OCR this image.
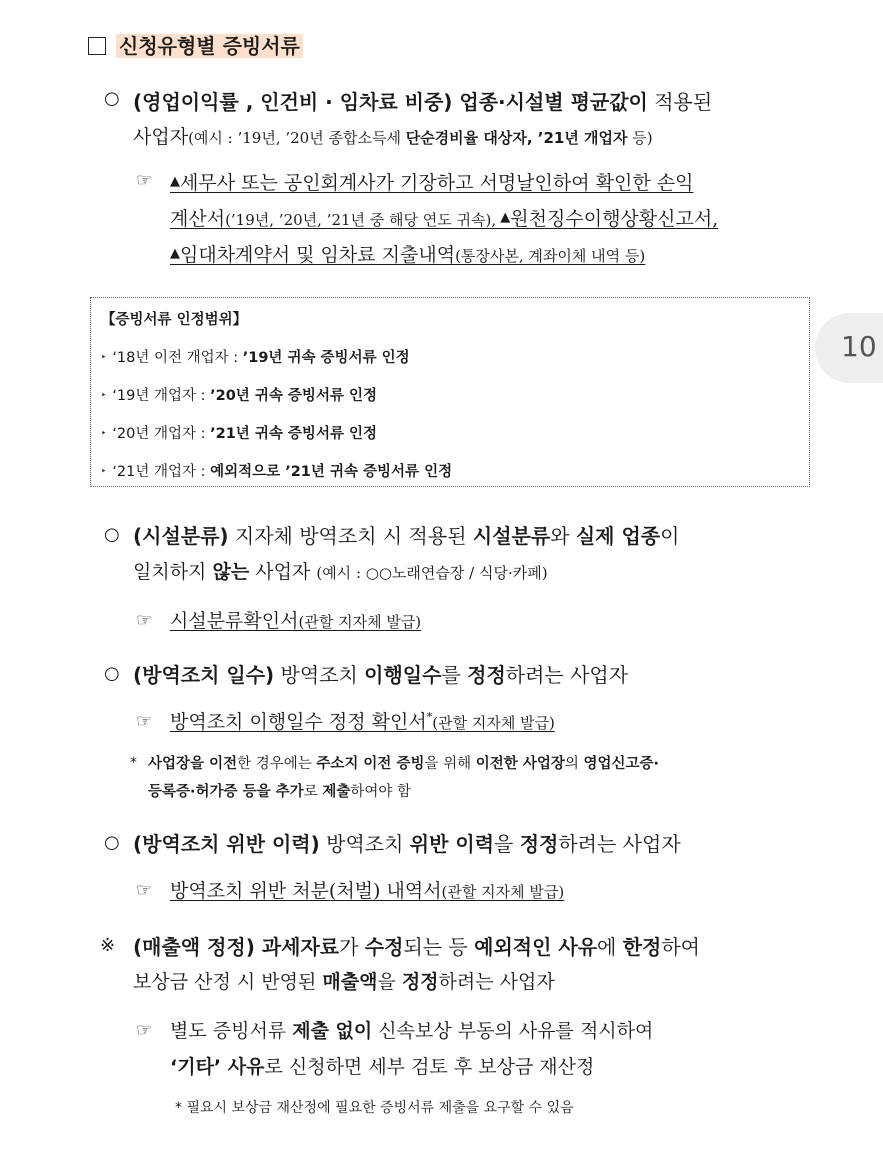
신청유형별 증빙서류
10
○ (영업이익률 , 인건비 · 임차료 비중) 업종·시설별 평균값이 적용된
사업자(예시 : ’19년, ’20년 종합소득세 단순경비율 대상자, ’21년 개업자 등)
☞ ▲세무사 또는 공인회계사가 기장하고 서명날인하여 확인한 손익
계산서(’19년, ’20년, ’21년 중 해당 연도 귀속), ▲원천징수이행상황신고서,
▲임대차계약서 및 임차료 지출내역(통장사본, 계좌이체 내역 등)
【증빙서류 인정범위】
‣ ‘18년 이전 개업자 : ’19년 귀속 증빙서류 인정
‣ ‘19년 개업자 : ’20년 귀속 증빙서류 인정
‣ ‘20년 개업자 : ’21년 귀속 증빙서류 인정
‣ ‘21년 개업자 : 예외적으로 ’21년 귀속 증빙서류 인정
○ (시설분류) 지자체 방역조치 시 적용된 시설분류와 실제 업종이
일치하지 않는 사업자 (예시 : ○○노래연습장 / 식당·카페)
☞ 시설분류확인서(관할 지자체 발급)
○ (방역조치 일수) 방역조치 이행일수를 정정하려는 사업자
☞ 방역조치 이행일수 정정 확인서*(관할 지자체 발급)
* 사업장을 이전한 경우에는 주소지 이전 증빙을 위해 이전한 사업장의 영업신고증·
등록증·허가증 등을 추가로 제출하여야 함
○ (방역조치 위반 이력) 방역조치 위반 이력을 정정하려는 사업자
☞ 방역조치 위반 처분(처벌) 내역서(관할 지자체 발급)
※ (매출액 정정) 과세자료가 수정되는 등 예외적인 사유에 한정하여
보상금 산정 시 반영된 매출액을 정정하려는 사업자
☞ 별도 증빙서류 제출 없이 신속보상 부동의 사유를 적시하여
‘기타’ 사유로 신청하면 세부 검토 후 보상금 재산정
* 필요시 보상금 재산정에 필요한 증빙서류 제출을 요구할 수 있음
